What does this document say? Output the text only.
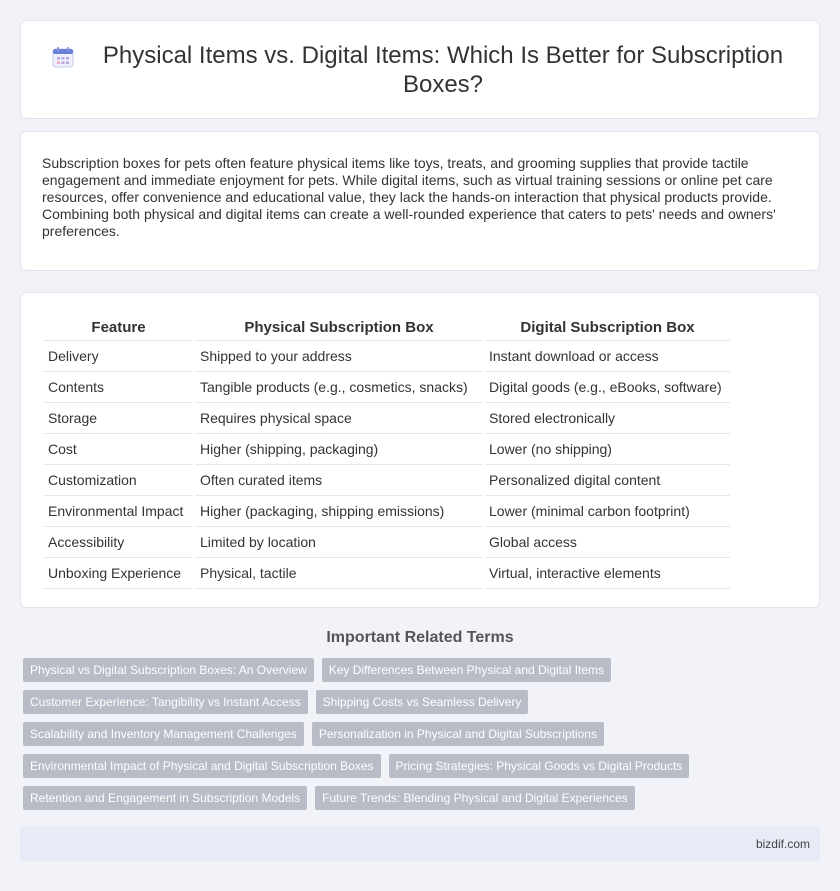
Physical Items vs. Digital Items: Which Is Better for Subscription Boxes?

Subscription boxes for pets often feature physical items like toys, treats, and grooming supplies that provide tactile engagement and immediate enjoyment for pets. While digital items, such as virtual training sessions or online pet care resources, offer convenience and educational value, they lack the hands-on interaction that physical products provide. Combining both physical and digital items can create a well-rounded experience that caters to pets' needs and owners' preferences.

Feature	Physical Subscription Box	Digital Subscription Box
Delivery	Shipped to your address	Instant download or access
Contents	Tangible products (e.g., cosmetics, snacks)	Digital goods (e.g., eBooks, software)
Storage	Requires physical space	Stored electronically
Cost	Higher (shipping, packaging)	Lower (no shipping)
Customization	Often curated items	Personalized digital content
Environmental Impact	Higher (packaging, shipping emissions)	Lower (minimal carbon footprint)
Accessibility	Limited by location	Global access
Unboxing Experience	Physical, tactile	Virtual, interactive elements
Important Related Terms
Physical vs Digital Subscription Boxes: An Overview	Key Differences Between Physical and Digital Items
Customer Experience: Tangibility vs Instant Access	Shipping Costs vs Seamless Delivery
Scalability and Inventory Management Challenges	Personalization in Physical and Digital Subscriptions
Environmental Impact of Physical and Digital Subscription Boxes	Pricing Strategies: Physical Goods vs Digital Products
Retention and Engagement in Subscription Models	Future Trends: Blending Physical and Digital Experiences
bizdif.com
